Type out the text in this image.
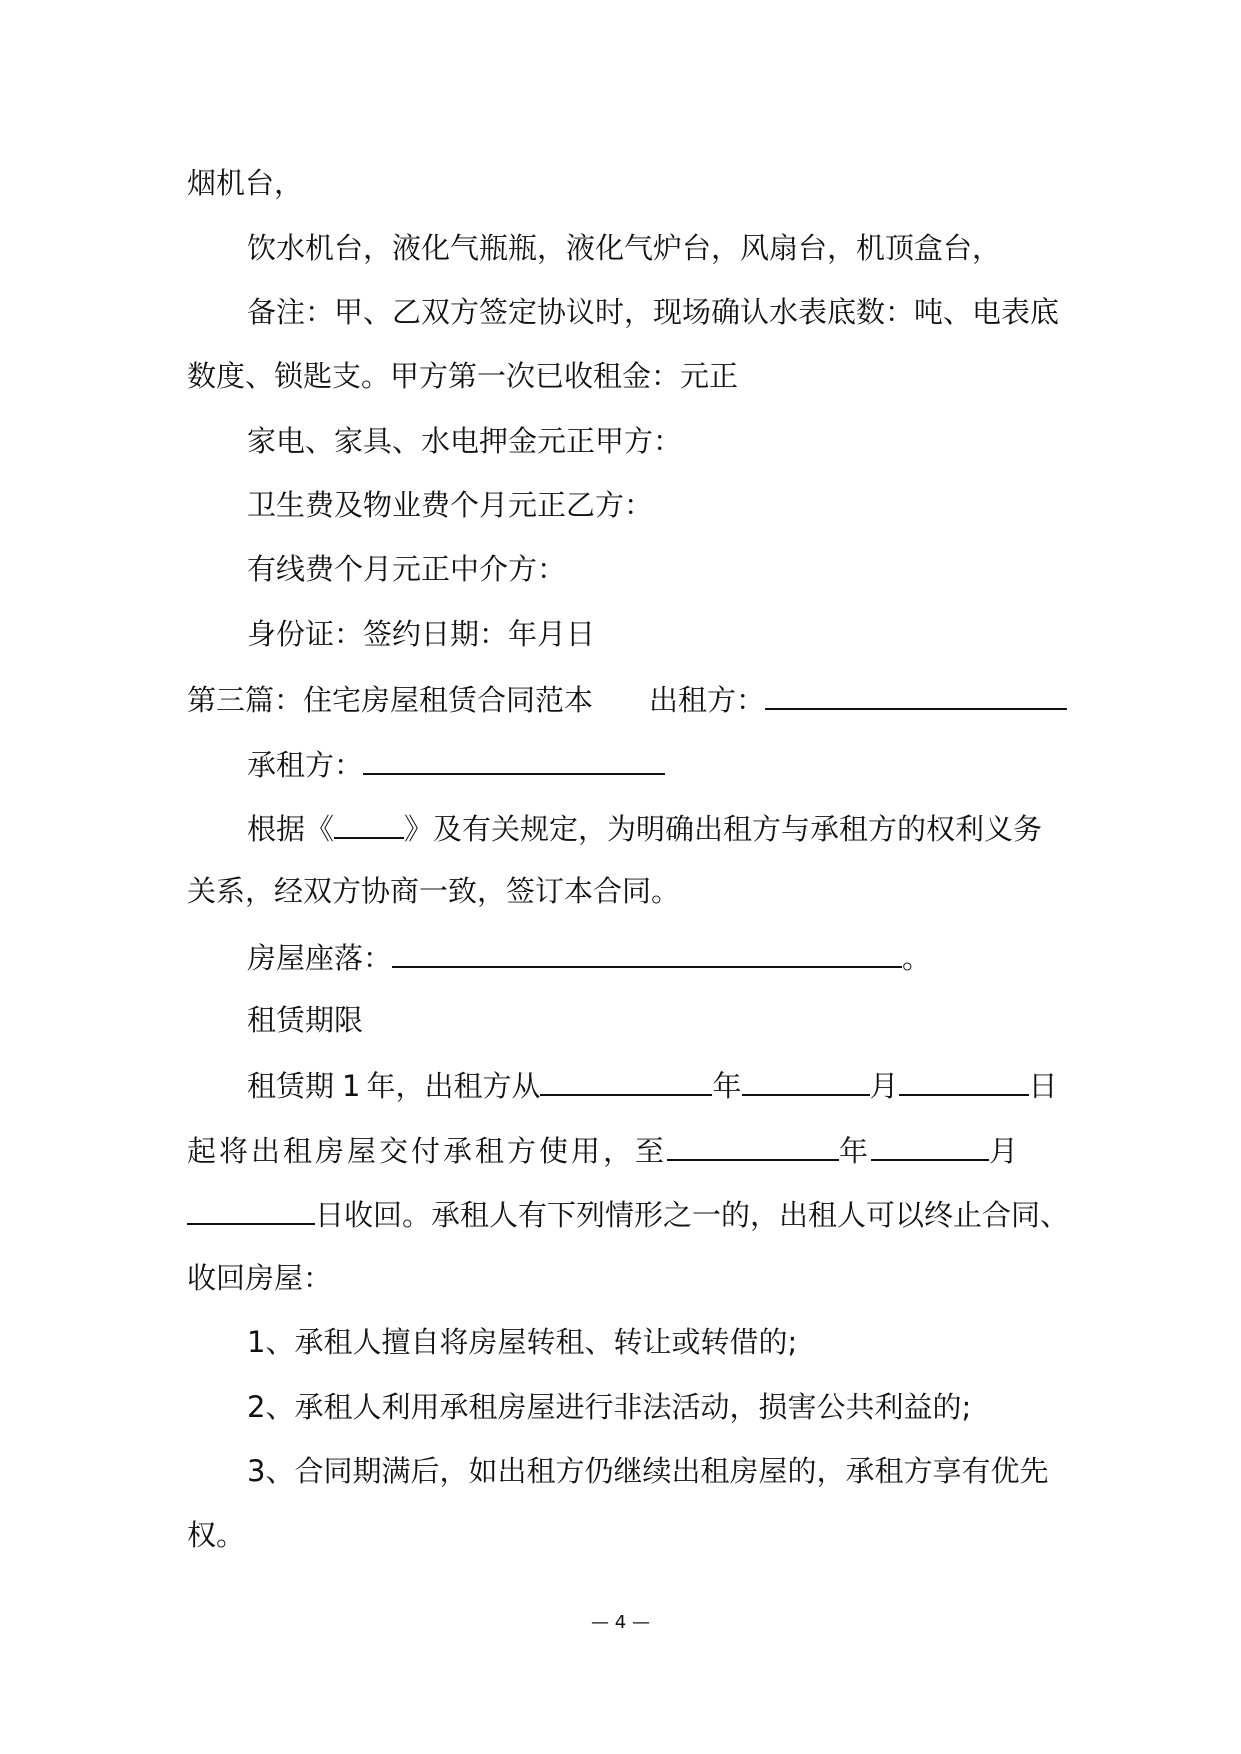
烟机台，
饮水机台，液化气瓶瓶，液化气炉台，风扇台，机顶盒台，
备注：甲、乙双方签定协议时，现场确认水表底数：吨、电表底
数度、锁匙支。甲方第一次已收租金：元正
家电、家具、水电押金元正甲方：
卫生费及物业费个月元正乙方：
有线费个月元正中介方：
身份证：签约日期：年月日
第三篇：住宅房屋租赁合同范本 出租方：
承租方：
根据《 》及有关规定，为明确出租方与承租方的权利义务
关系，经双方协商一致，签订本合同。
房屋座落：	。
租赁期限
租赁期 1 年，出租方从	年	月	日
起将出租房屋交付承租方使用，至	年	月
日收回。承租人有下列情形之一的，出租人可以终止合同、
收回房屋：
1、承租人擅自将房屋转租、转让或转借的;
2、承租人利用承租房屋进行非法活动，损害公共利益的;
3、合同期满后，如出租方仍继续出租房屋的，承租方享有优先
权。
— 4 —
